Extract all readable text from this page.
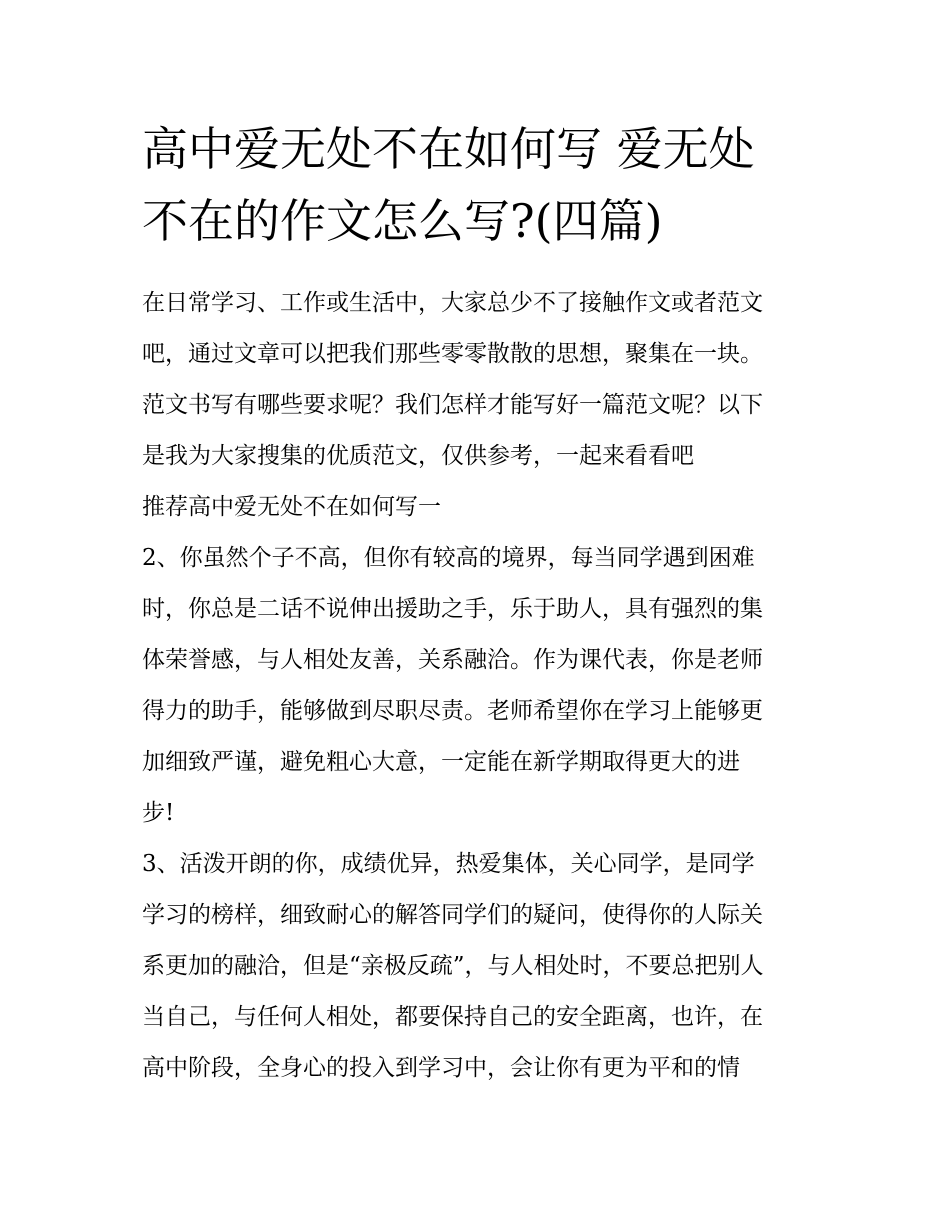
高中爱无处不在如何写 爱无处
不在的作文怎么写?(四篇)
在日常学习、工作或生活中，大家总少不了接触作文或者范文
吧，通过文章可以把我们那些零零散散的思想，聚集在一块。
范文书写有哪些要求呢？我们怎样才能写好一篇范文呢？以下
是我为大家搜集的优质范文，仅供参考，一起来看看吧
推荐高中爱无处不在如何写一
2、你虽然个子不高，但你有较高的境界，每当同学遇到困难
时，你总是二话不说伸出援助之手，乐于助人，具有强烈的集
体荣誉感，与人相处友善，关系融洽。作为课代表，你是老师
得力的助手，能够做到尽职尽责。老师希望你在学习上能够更
加细致严谨，避免粗心大意，一定能在新学期取得更大的进
步!
3、活泼开朗的你，成绩优异，热爱集体，关心同学，是同学
学习的榜样，细致耐心的解答同学们的疑问，使得你的人际关
系更加的融洽，但是“亲极反疏”，与人相处时，不要总把别人
当自己，与任何人相处，都要保持自己的安全距离，也许，在
高中阶段，全身心的投入到学习中，会让你有更为平和的情
